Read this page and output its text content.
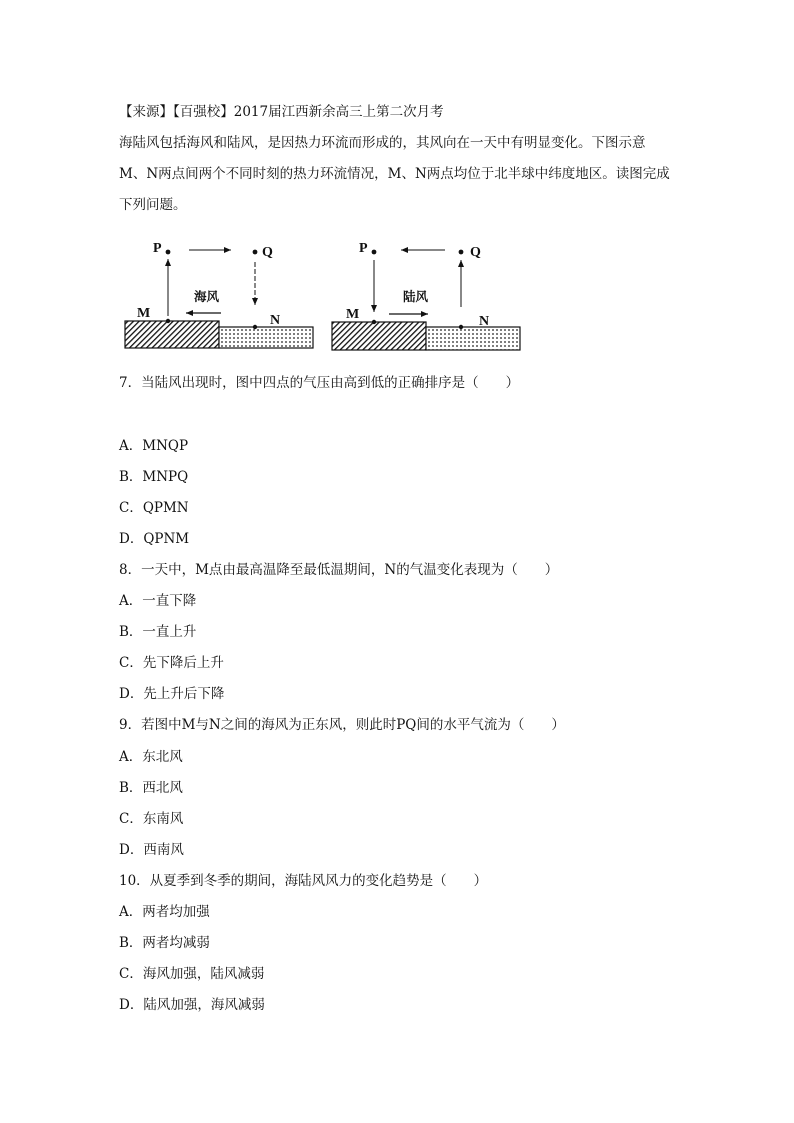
【来源】【百强校】2017届江西新余高三上第二次月考
海陆风包括海风和陆风，是因热力环流而形成的，其风向在一天中有明显变化。下图示意
M、N两点间两个不同时刻的热力环流情况，M、N两点均位于北半球中纬度地区。读图完成
下列问题。
P	Q
M	N
海风
P	Q
M	N
陆风
7．当陆风出现时，图中四点的气压由高到低的正确排序是（　　）
A．MNQP
B．MNPQ
C．QPMN
D．QPNM
8．一天中，M点由最高温降至最低温期间，N的气温变化表现为（　　）
A．一直下降
B．一直上升
C．先下降后上升
D．先上升后下降
9．若图中M与N之间的海风为正东风，则此时PQ间的水平气流为（　　）
A．东北风
B．西北风
C．东南风
D．西南风
10．从夏季到冬季的期间，海陆风风力的变化趋势是（　　）
A．两者均加强
B．两者均减弱
C．海风加强，陆风减弱
D．陆风加强，海风减弱
